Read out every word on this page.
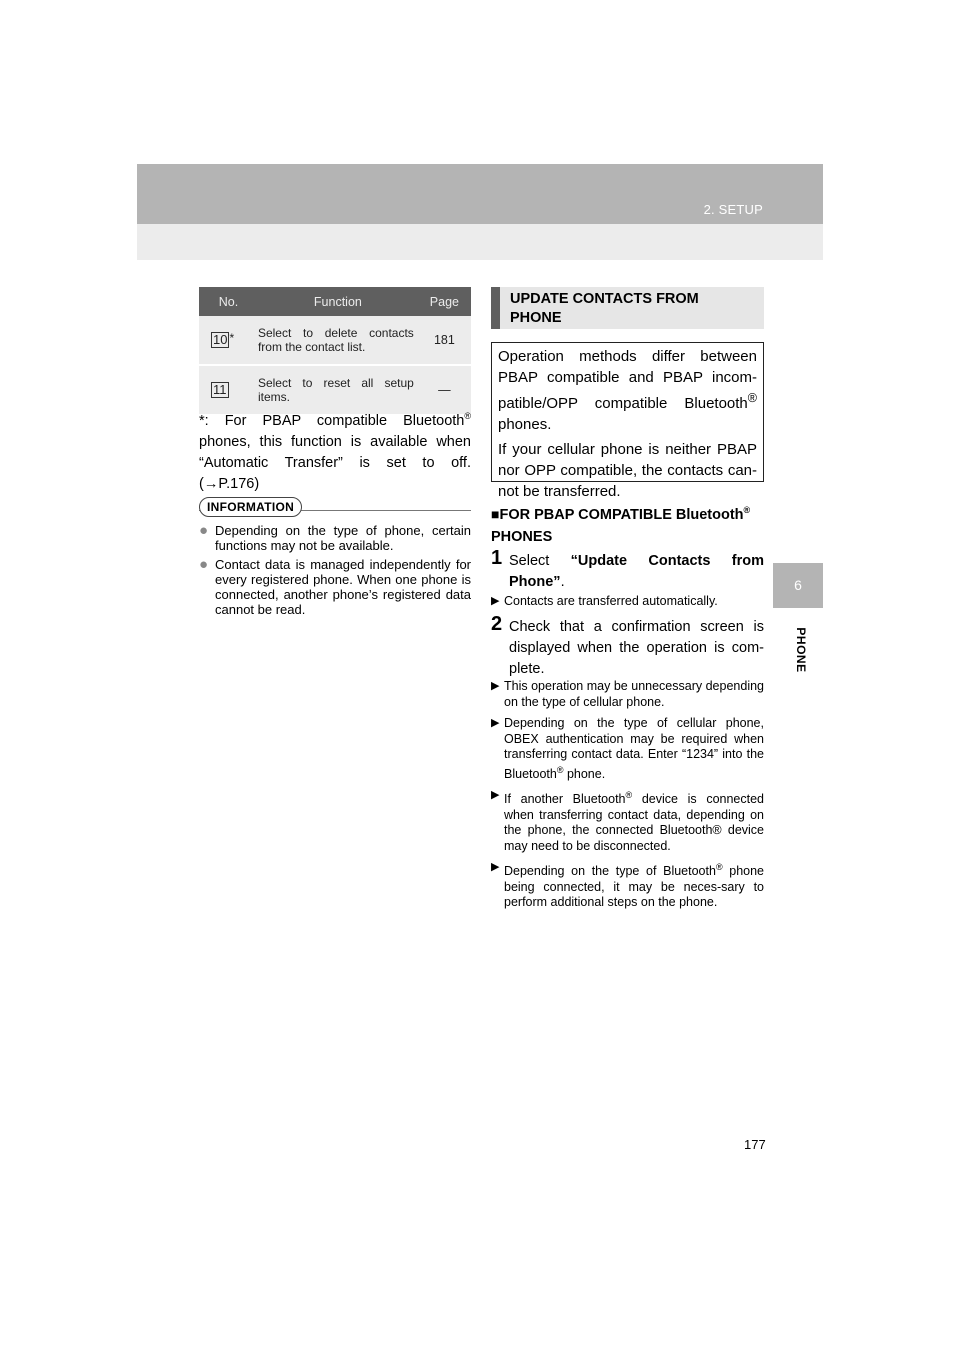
2. SETUP
6
PHONE
No.	Function	Page
10 *	Select to delete contacts from the contact list.	181
11	Select to reset all setup items.	—
*: For PBAP compatible Bluetooth® phones, this function is available when “Automatic Transfer” is set to off. (→P.176)
INFORMATION
● Depending on the type of phone, certain functions may not be available.
● Contact data is managed independently for every registered phone. When one phone is connected, another phone’s registered data cannot be read.
UPDATE CONTACTS FROM PHONE

Operation methods differ between PBAP compatible and PBAP incom-patible/OPP compatible Bluetooth® phones.

If your cellular phone is neither PBAP nor OPP compatible, the contacts can-not be transferred.

■FOR PBAP COMPATIBLE Bluetooth® PHONES
1 Select “Update Contacts from Phone”.
▶ Contacts are transferred automatically.
2 Check that a confirmation screen is displayed when the operation is com-plete.
▶ This operation may be unnecessary depending on the type of cellular phone.
▶ Depending on the type of cellular phone, OBEX authentication may be required when transferring contact data. Enter “1234” into the Bluetooth® phone.
▶ If another Bluetooth® device is connected when transferring contact data, depending on the phone, the connected Bluetooth® device may need to be disconnected.
▶ Depending on the type of Bluetooth® phone being connected, it may be neces-sary to perform additional steps on the phone.
177
